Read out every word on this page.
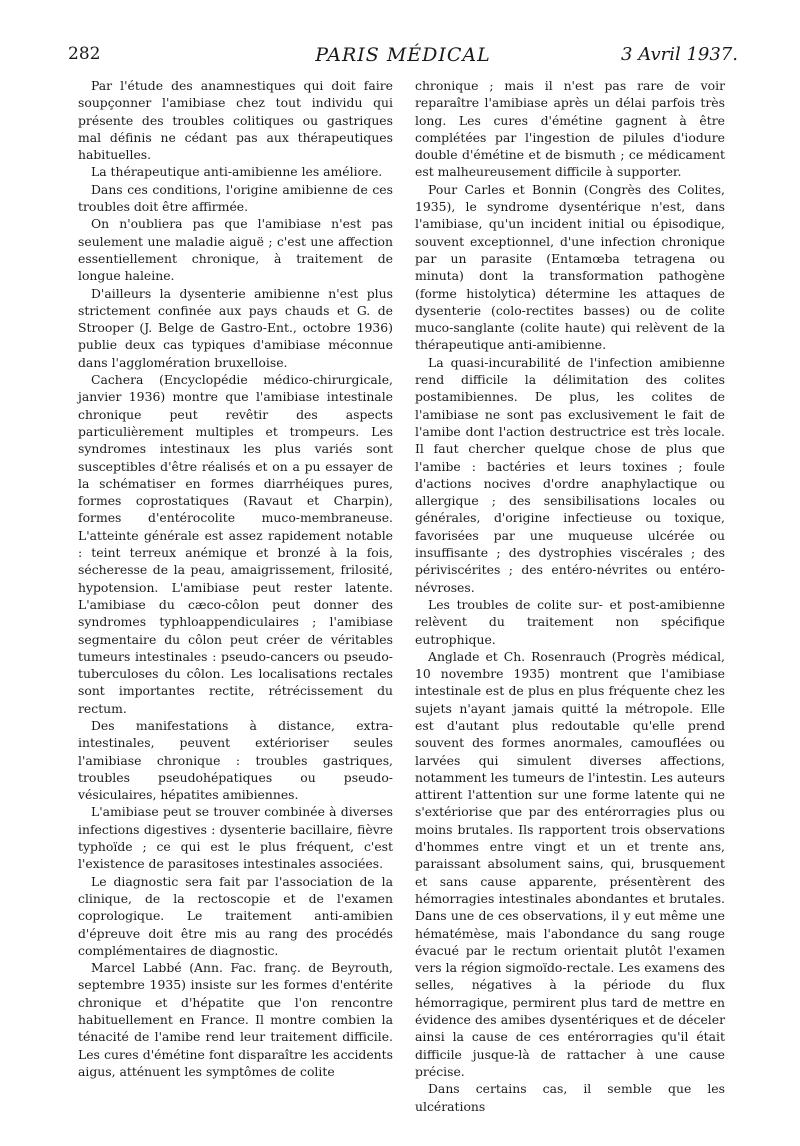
282	PARIS MÉDICAL	3 Avril 1937.

Par l'étude des anamnestiques qui doit faire soupçonner l'amibiase chez tout individu qui présente des troubles colitiques ou gastriques mal définis ne cédant pas aux thérapeutiques habituelles.

La thérapeutique anti-amibienne les améliore.

Dans ces conditions, l'origine amibienne de ces troubles doit être affirmée.

On n'oubliera pas que l'amibiase n'est pas seulement une maladie aiguë ; c'est une affection essentiellement chronique, à traitement de longue haleine.

D'ailleurs la dysenterie amibienne n'est plus strictement confinée aux pays chauds et G. de Strooper (J. Belge de Gastro-Ent., octobre 1936) publie deux cas typiques d'amibiase méconnue dans l'agglomération bruxelloise.

Cachera (Encyclopédie médico-chirurgicale, janvier 1936) montre que l'amibiase intestinale chronique peut revêtir des aspects particulièrement multiples et trompeurs. Les syndromes intestinaux les plus variés sont susceptibles d'être réalisés et on a pu essayer de la schématiser en formes diarrhéiques pures, formes coprostatiques (Ravaut et Charpin), formes d'entérocolite muco-membraneuse. L'atteinte générale est assez rapidement notable : teint terreux anémique et bronzé à la fois, sécheresse de la peau, amaigrissement, frilosité, hypotension. L'amibiase peut rester latente. L'amibiase du cæco-côlon peut donner des syndromes typhloappendiculaires ; l'amibiase segmentaire du côlon peut créer de véritables tumeurs intestinales : pseudo-cancers ou pseudo-tuberculoses du côlon. Les localisations rectales sont importantes rectite, rétrécissement du rectum.

Des manifestations à distance, extra-intestinales, peuvent extérioriser seules l'amibiase chronique : troubles gastriques, troubles pseudohépatiques ou pseudo-vésiculaires, hépatites amibiennes.

L'amibiase peut se trouver combinée à diverses infections digestives : dysenterie bacillaire, fièvre typhoïde ; ce qui est le plus fréquent, c'est l'existence de parasitoses intestinales associées.

Le diagnostic sera fait par l'association de la clinique, de la rectoscopie et de l'examen coprologique. Le traitement anti-amibien d'épreuve doit être mis au rang des procédés complémentaires de diagnostic.

Marcel Labbé (Ann. Fac. franç. de Beyrouth, septembre 1935) insiste sur les formes d'entérite chronique et d'hépatite que l'on rencontre habituellement en France. Il montre combien la ténacité de l'amibe rend leur traitement difficile. Les cures d'émétine font disparaître les accidents aigus, atténuent les symptômes de colite

chronique ; mais il n'est pas rare de voir reparaître l'amibiase après un délai parfois très long. Les cures d'émétine gagnent à être complétées par l'ingestion de pilules d'iodure double d'émétine et de bismuth ; ce médicament est malheureusement difficile à supporter.

Pour Carles et Bonnin (Congrès des Colites, 1935), le syndrome dysentérique n'est, dans l'amibiase, qu'un incident initial ou épisodique, souvent exceptionnel, d'une infection chronique par un parasite (Entamœba tetragena ou minuta) dont la transformation pathogène (forme histolytica) détermine les attaques de dysenterie (colo-rectites basses) ou de colite muco-sanglante (colite haute) qui relèvent de la thérapeutique anti-amibienne.

La quasi-incurabilité de l'infection amibienne rend difficile la délimitation des colites postamibiennes. De plus, les colites de l'amibiase ne sont pas exclusivement le fait de l'amibe dont l'action destructrice est très locale. Il faut chercher quelque chose de plus que l'amibe : bactéries et leurs toxines ; foule d'actions nocives d'ordre anaphylactique ou allergique ; des sensibilisations locales ou générales, d'origine infectieuse ou toxique, favorisées par une muqueuse ulcérée ou insuffisante ; des dystrophies viscérales ; des périviscérites ; des entéro-névrites ou entéro-névroses.

Les troubles de colite sur- et post-amibienne relèvent du traitement non spécifique eutrophique.

Anglade et Ch. Rosenrauch (Progrès médical, 10 novembre 1935) montrent que l'amibiase intestinale est de plus en plus fréquente chez les sujets n'ayant jamais quitté la métropole. Elle est d'autant plus redoutable qu'elle prend souvent des formes anormales, camouflées ou larvées qui simulent diverses affections, notamment les tumeurs de l'intestin. Les auteurs attirent l'attention sur une forme latente qui ne s'extériorise que par des entérorragies plus ou moins brutales. Ils rapportent trois observations d'hommes entre vingt et un et trente ans, paraissant absolument sains, qui, brusquement et sans cause apparente, présentèrent des hémorragies intestinales abondantes et brutales. Dans une de ces observations, il y eut même une hématémèse, mais l'abondance du sang rouge évacué par le rectum orientait plutôt l'examen vers la région sigmoïdo-rectale. Les examens des selles, négatives à la période du flux hémorragique, permirent plus tard de mettre en évidence des amibes dysentériques et de déceler ainsi la cause de ces entérorragies qu'il était difficile jusque-là de rattacher à une cause précise.

Dans certains cas, il semble que les ulcérations
